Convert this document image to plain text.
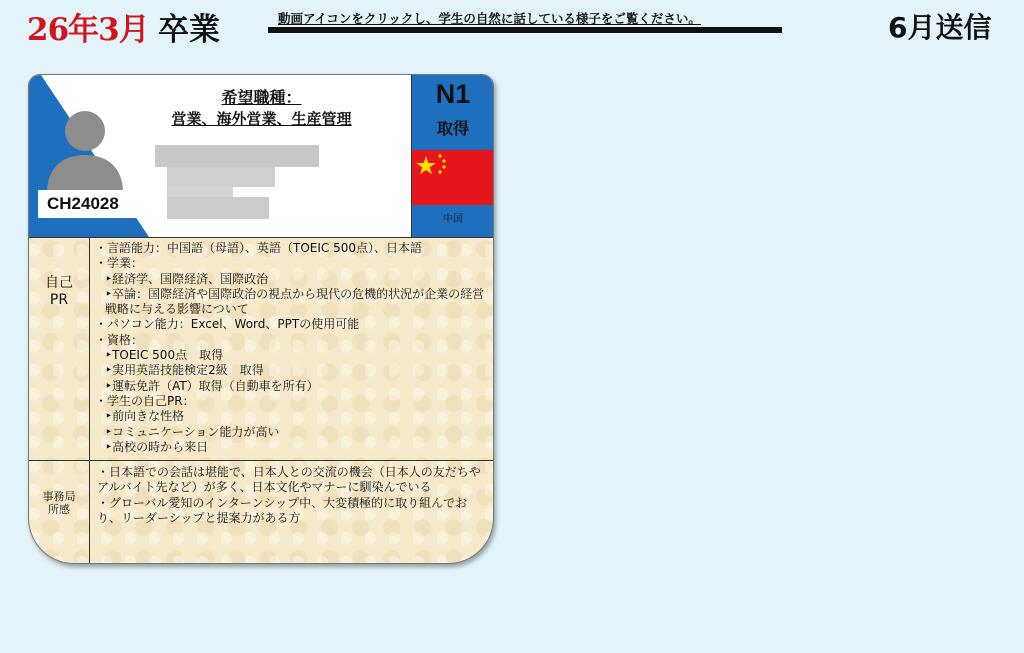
26年3月 卒業	動画アイコンをクリックし、学生の自然に話している様子をご覧ください。	6月送信
CH24028
希望職種：
営業、海外営業、生産管理
N1
取得
中国
自己
PR
・言語能力：中国語（母語）、英語（TOEIC 500点）、日本語
・学業：
‣経済学、国際経済、国際政治
‣卒論：国際経済や国際政治の視点から現代の危機的状況が企業の経営戦略に与える影響について
・パソコン能力：Excel、Word、PPTの使用可能
・資格：
‣TOEIC 500点　取得
‣実用英語技能検定2級　取得
‣運転免許（AT）取得（自動車を所有）
・学生の自己PR：
‣前向きな性格
‣コミュニケーション能力が高い
‣高校の時から来日
事務局
所感
・日本語での会話は堪能で、日本人との交流の機会（日本人の友だちやアルバイト先など）が多く、日本文化やマナーに馴染んでいる
・グローバル愛知のインターンシップ中、大変積極的に取り組んでおり、リーダーシップと提案力がある方
